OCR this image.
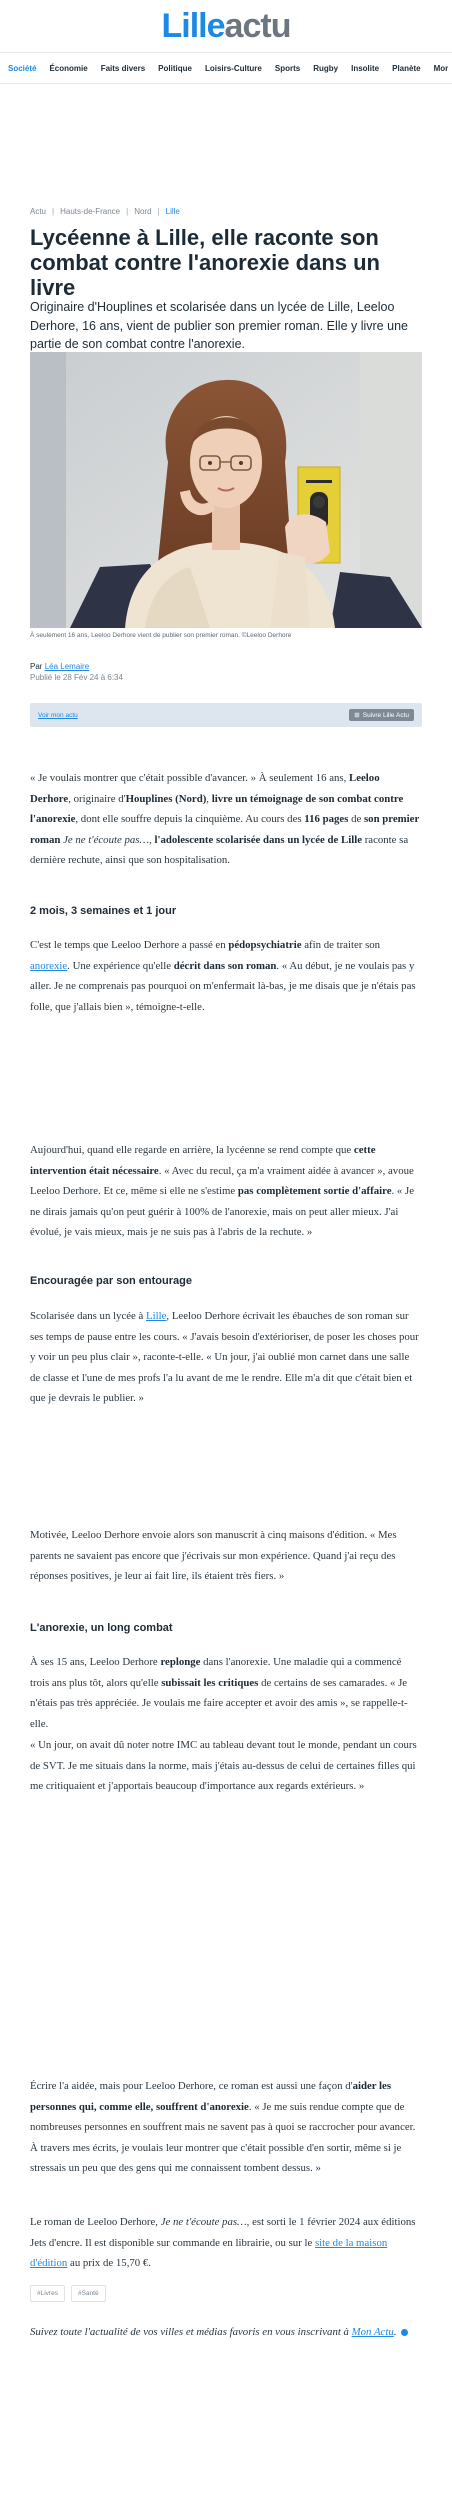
Lilleactu
Société Économie Faits divers Politique Loisirs-Culture Sports Rugby Insolite Planète Mor
Actu | Hauts-de-France | Nord | Lille
Lycéenne à Lille, elle raconte son combat contre l'anorexie dans un livre

Originaire d'Houplines et scolarisée dans un lycée de Lille, Leeloo Derhore, 16 ans, vient de publier son premier roman. Elle y livre une partie de son combat contre l'anorexie.

À seulement 16 ans, Leeloo Derhore vient de publier son premier roman. ©Leeloo Derhore

Par Léa Lemaire

Publié le 28 Fév 24 à 6:34

Voir mon actu	⊞ Suivre Lille Actu

« Je voulais montrer que c'était possible d'avancer. » À seulement 16 ans, Leeloo Derhore, originaire d'Houplines (Nord), livre un témoignage de son combat contre l'anorexie, dont elle souffre depuis la cinquième. Au cours des 116 pages de son premier roman Je ne t'écoute pas…, l'adolescente scolarisée dans un lycée de Lille raconte sa dernière rechute, ainsi que son hospitalisation.

2 mois, 3 semaines et 1 jour

C'est le temps que Leeloo Derhore a passé en pédopsychiatrie afin de traiter son anorexie. Une expérience qu'elle décrit dans son roman. « Au début, je ne voulais pas y aller. Je ne comprenais pas pourquoi on m'enfermait là-bas, je me disais que je n'étais pas folle, que j'allais bien », témoigne-t-elle.

Aujourd'hui, quand elle regarde en arrière, la lycéenne se rend compte que cette intervention était nécessaire. « Avec du recul, ça m'a vraiment aidée à avancer », avoue Leeloo Derhore. Et ce, même si elle ne s'estime pas complètement sortie d'affaire. « Je ne dirais jamais qu'on peut guérir à 100% de l'anorexie, mais on peut aller mieux. J'ai évolué, je vais mieux, mais je ne suis pas à l'abris de la rechute. »

Encouragée par son entourage

Scolarisée dans un lycée à Lille, Leeloo Derhore écrivait les ébauches de son roman sur ses temps de pause entre les cours. « J'avais besoin d'extérioriser, de poser les choses pour y voir un peu plus clair », raconte-t-elle. « Un jour, j'ai oublié mon carnet dans une salle de classe et l'une de mes profs l'a lu avant de me le rendre. Elle m'a dit que c'était bien et que je devrais le publier. »

Motivée, Leeloo Derhore envoie alors son manuscrit à cinq maisons d'édition. « Mes parents ne savaient pas encore que j'écrivais sur mon expérience. Quand j'ai reçu des réponses positives, je leur ai fait lire, ils étaient très fiers. »

L'anorexie, un long combat

À ses 15 ans, Leeloo Derhore replonge dans l'anorexie. Une maladie qui a commencé trois ans plus tôt, alors qu'elle subissait les critiques de certains de ses camarades. « Je n'étais pas très appréciée. Je voulais me faire accepter et avoir des amis », se rappelle-t-elle.

« Un jour, on avait dû noter notre IMC au tableau devant tout le monde, pendant un cours de SVT. Je me situais dans la norme, mais j'étais au-dessus de celui de certaines filles qui me critiquaient et j'apportais beaucoup d'importance aux regards extérieurs. »

Écrire l'a aidée, mais pour Leeloo Derhore, ce roman est aussi une façon d'aider les personnes qui, comme elle, souffrent d'anorexie. « Je me suis rendue compte que de nombreuses personnes en souffrent mais ne savent pas à quoi se raccrocher pour avancer. À travers mes écrits, je voulais leur montrer que c'était possible d'en sortir, même si je stressais un peu que des gens qui me connaissent tombent dessus. »

Le roman de Leeloo Derhore, Je ne t'écoute pas…, est sorti le 1 février 2024 aux éditions Jets d'encre. Il est disponible sur commande en librairie, ou sur le site de la maison d'édition au prix de 15,70 €.

#Livres	#Santé

Suivez toute l'actualité de vos villes et médias favoris en vous inscrivant à Mon Actu.
